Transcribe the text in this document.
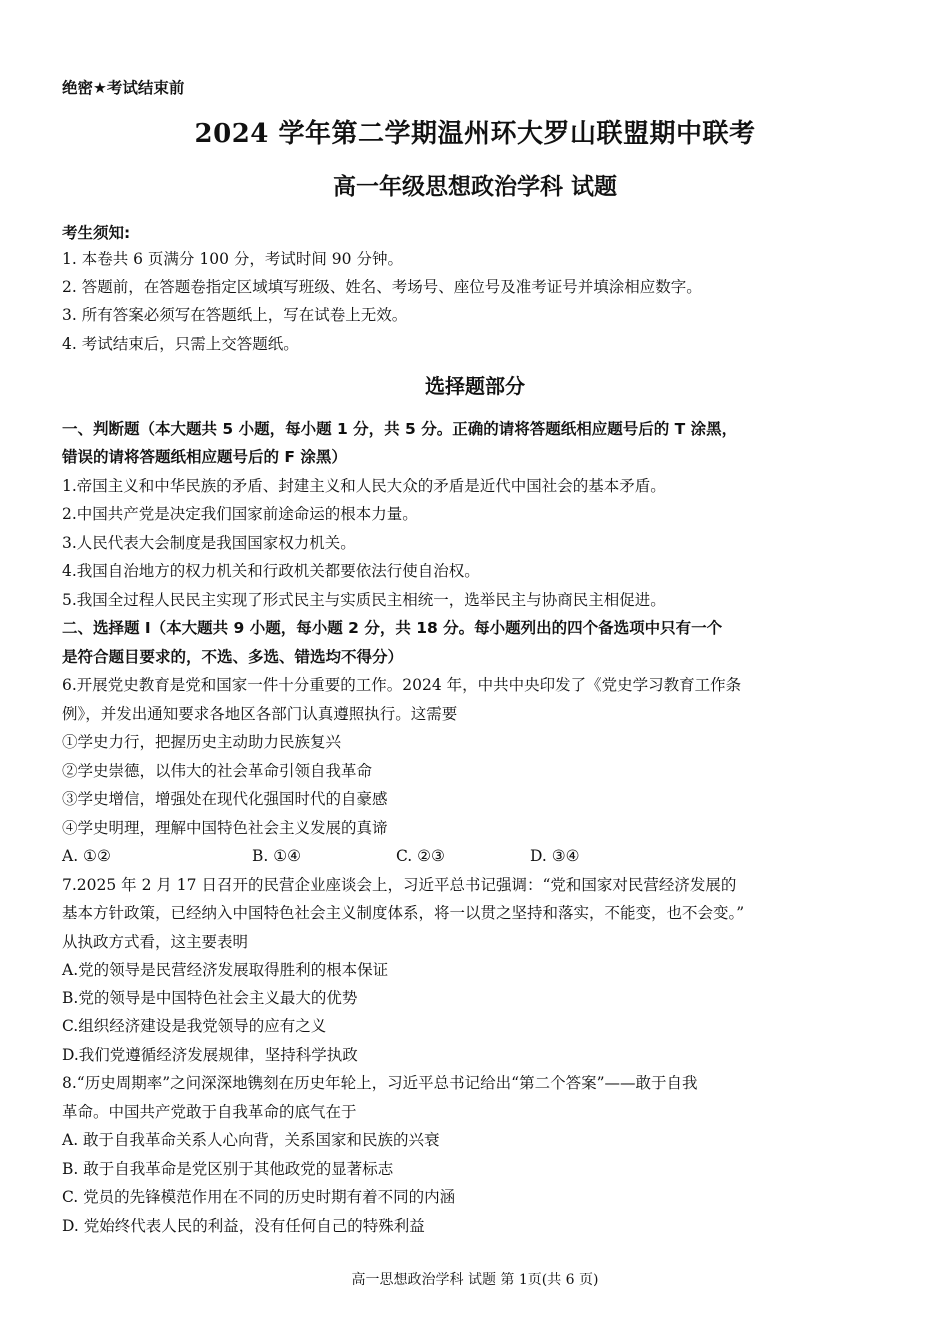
绝密★考试结束前
2024 学年第二学期温州环大罗山联盟期中联考
高一年级思想政治学科 试题
考生须知:
1. 本卷共 6 页满分 100 分，考试时间 90 分钟。
2. 答题前，在答题卷指定区域填写班级、姓名、考场号、座位号及准考证号并填涂相应数字。
3. 所有答案必须写在答题纸上，写在试卷上无效。
4. 考试结束后，只需上交答题纸。
选择题部分
一、判断题（本大题共 5 小题，每小题 1 分，共 5 分。正确的请将答题纸相应题号后的 T 涂黑，
错误的请将答题纸相应题号后的 F 涂黑）
1.帝国主义和中华民族的矛盾、封建主义和人民大众的矛盾是近代中国社会的基本矛盾。
2.中国共产党是决定我们国家前途命运的根本力量。
3.人民代表大会制度是我国国家权力机关。
4.我国自治地方的权力机关和行政机关都要依法行使自治权。
5.我国全过程人民民主实现了形式民主与实质民主相统一，选举民主与协商民主相促进。
二、选择题 I（本大题共 9 小题，每小题 2 分，共 18 分。每小题列出的四个备选项中只有一个
是符合题目要求的，不选、多选、错选均不得分）
6.开展党史教育是党和国家一件十分重要的工作。2024 年，中共中央印发了《党史学习教育工作条
例》，并发出通知要求各地区各部门认真遵照执行。这需要
①学史力行，把握历史主动助力民族复兴
②学史崇德，以伟大的社会革命引领自我革命
③学史增信，增强处在现代化强国时代的自豪感
④学史明理，理解中国特色社会主义发展的真谛
A. ①②	B. ①④	C. ②③	D. ③④
7.2025 年 2 月 17 日召开的民营企业座谈会上，习近平总书记强调：“党和国家对民营经济发展的
基本方针政策，已经纳入中国特色社会主义制度体系，将一以贯之坚持和落实，不能变，也不会变。”
从执政方式看，这主要表明
A.党的领导是民营经济发展取得胜利的根本保证
B.党的领导是中国特色社会主义最大的优势
C.组织经济建设是我党领导的应有之义
D.我们党遵循经济发展规律，坚持科学执政
8.“历史周期率”之问深深地镌刻在历史年轮上，习近平总书记给出“第二个答案”——敢于自我
革命。中国共产党敢于自我革命的底气在于
A. 敢于自我革命关系人心向背，关系国家和民族的兴衰
B. 敢于自我革命是党区别于其他政党的显著标志
C. 党员的先锋模范作用在不同的历史时期有着不同的内涵
D. 党始终代表人民的利益，没有任何自己的特殊利益
高一思想政治学科 试题 第 1页(共 6 页)
